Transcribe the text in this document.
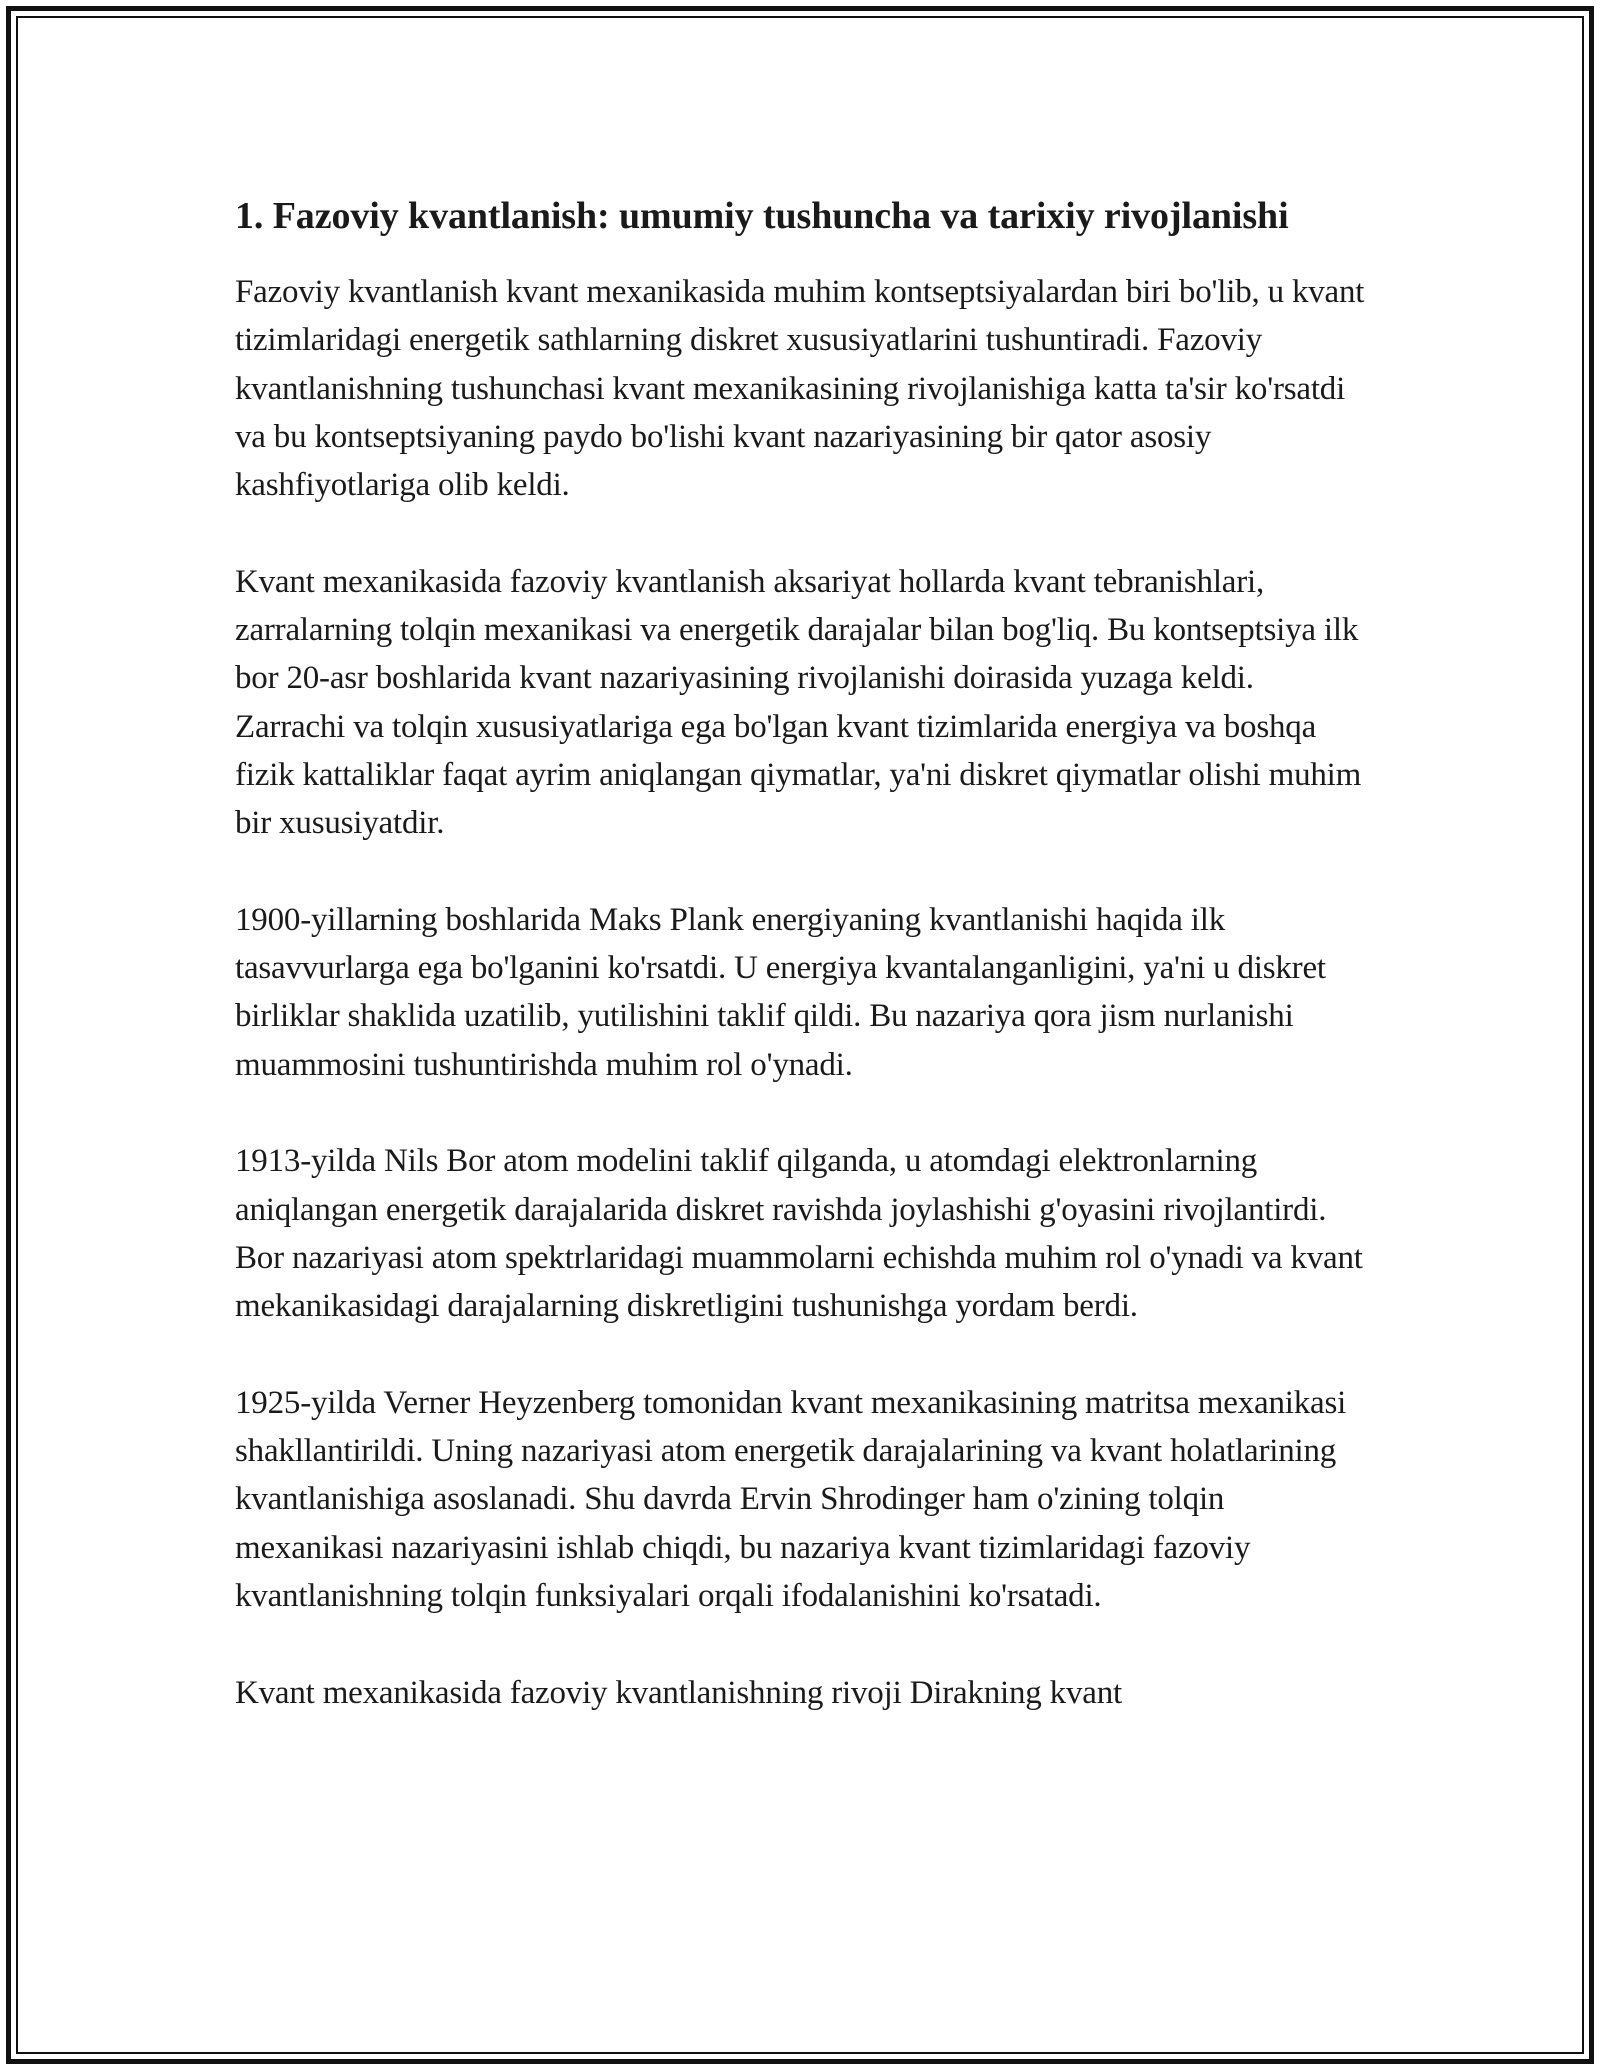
1. Fazoviy kvantlanish: umumiy tushuncha va tarixiy rivojlanishi

Fazoviy kvantlanish kvant mexanikasida muhim kontseptsiyalardan biri bo'lib, u kvant tizimlaridagi energetik sathlarning diskret xususiyatlarini tushuntiradi. Fazoviy kvantlanishning tushunchasi kvant mexanikasining rivojlanishiga katta ta'sir ko'rsatdi va bu kontseptsiyaning paydo bo'lishi kvant nazariyasining bir qator asosiy kashfiyotlariga olib keldi.

Kvant mexanikasida fazoviy kvantlanish aksariyat hollarda kvant tebranishlari, zarralarning tolqin mexanikasi va energetik darajalar bilan bog'liq. Bu kontseptsiya ilk bor 20-asr boshlarida kvant nazariyasining rivojlanishi doirasida yuzaga keldi. Zarrachi va tolqin xususiyatlariga ega bo'lgan kvant tizimlarida energiya va boshqa fizik kattaliklar faqat ayrim aniqlangan qiymatlar, ya'ni diskret qiymatlar olishi muhim bir xususiyatdir.

1900-yillarning boshlarida Maks Plank energiyaning kvantlanishi haqida ilk tasavvurlarga ega bo'lganini ko'rsatdi. U energiya kvantalanganligini, ya'ni u diskret birliklar shaklida uzatilib, yutilishini taklif qildi. Bu nazariya qora jism nurlanishi muammosini tushuntirishda muhim rol o'ynadi.

1913-yilda Nils Bor atom modelini taklif qilganda, u atomdagi elektronlarning aniqlangan energetik darajalarida diskret ravishda joylashishi g'oyasini rivojlantirdi. Bor nazariyasi atom spektrlaridagi muammolarni echishda muhim rol o'ynadi va kvant mekanikasidagi darajalarning diskretligini tushunishga yordam berdi.

1925-yilda Verner Heyzenberg tomonidan kvant mexanikasining matritsa mexanikasi shakllantirildi. Uning nazariyasi atom energetik darajalarining va kvant holatlarining kvantlanishiga asoslanadi. Shu davrda Ervin Shrodinger ham o'zining tolqin mexanikasi nazariyasini ishlab chiqdi, bu nazariya kvant tizimlaridagi fazoviy kvantlanishning tolqin funksiyalari orqali ifodalanishini ko'rsatadi.

Kvant mexanikasida fazoviy kvantlanishning rivoji Dirakning kvant
